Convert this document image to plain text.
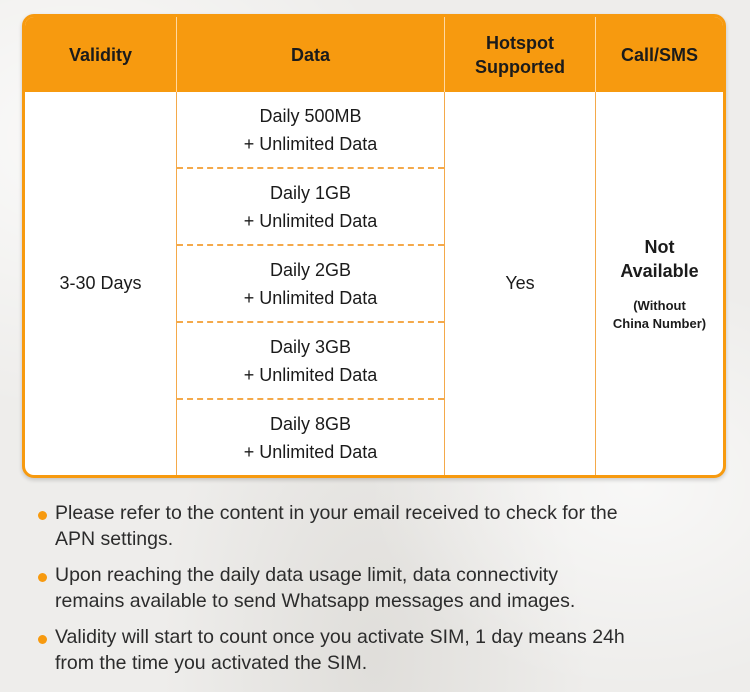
Validity	Data
Hotspot
Supported
Call/SMS
3-30 Days
Daily 500MB
+ Unlimited Data
Daily 1GB
+ Unlimited Data
Daily 2GB
+ Unlimited Data
Daily 3GB
+ Unlimited Data
Daily 8GB
+ Unlimited Data
Yes
Not
Available
(Without
China Number)
Please refer to the content in your email received to check for the
APN settings.
Upon reaching the daily data usage limit, data connectivity
remains available to send Whatsapp messages and images.
Validity will start to count once you activate SIM, 1 day means 24h
from the time you activated the SIM.
